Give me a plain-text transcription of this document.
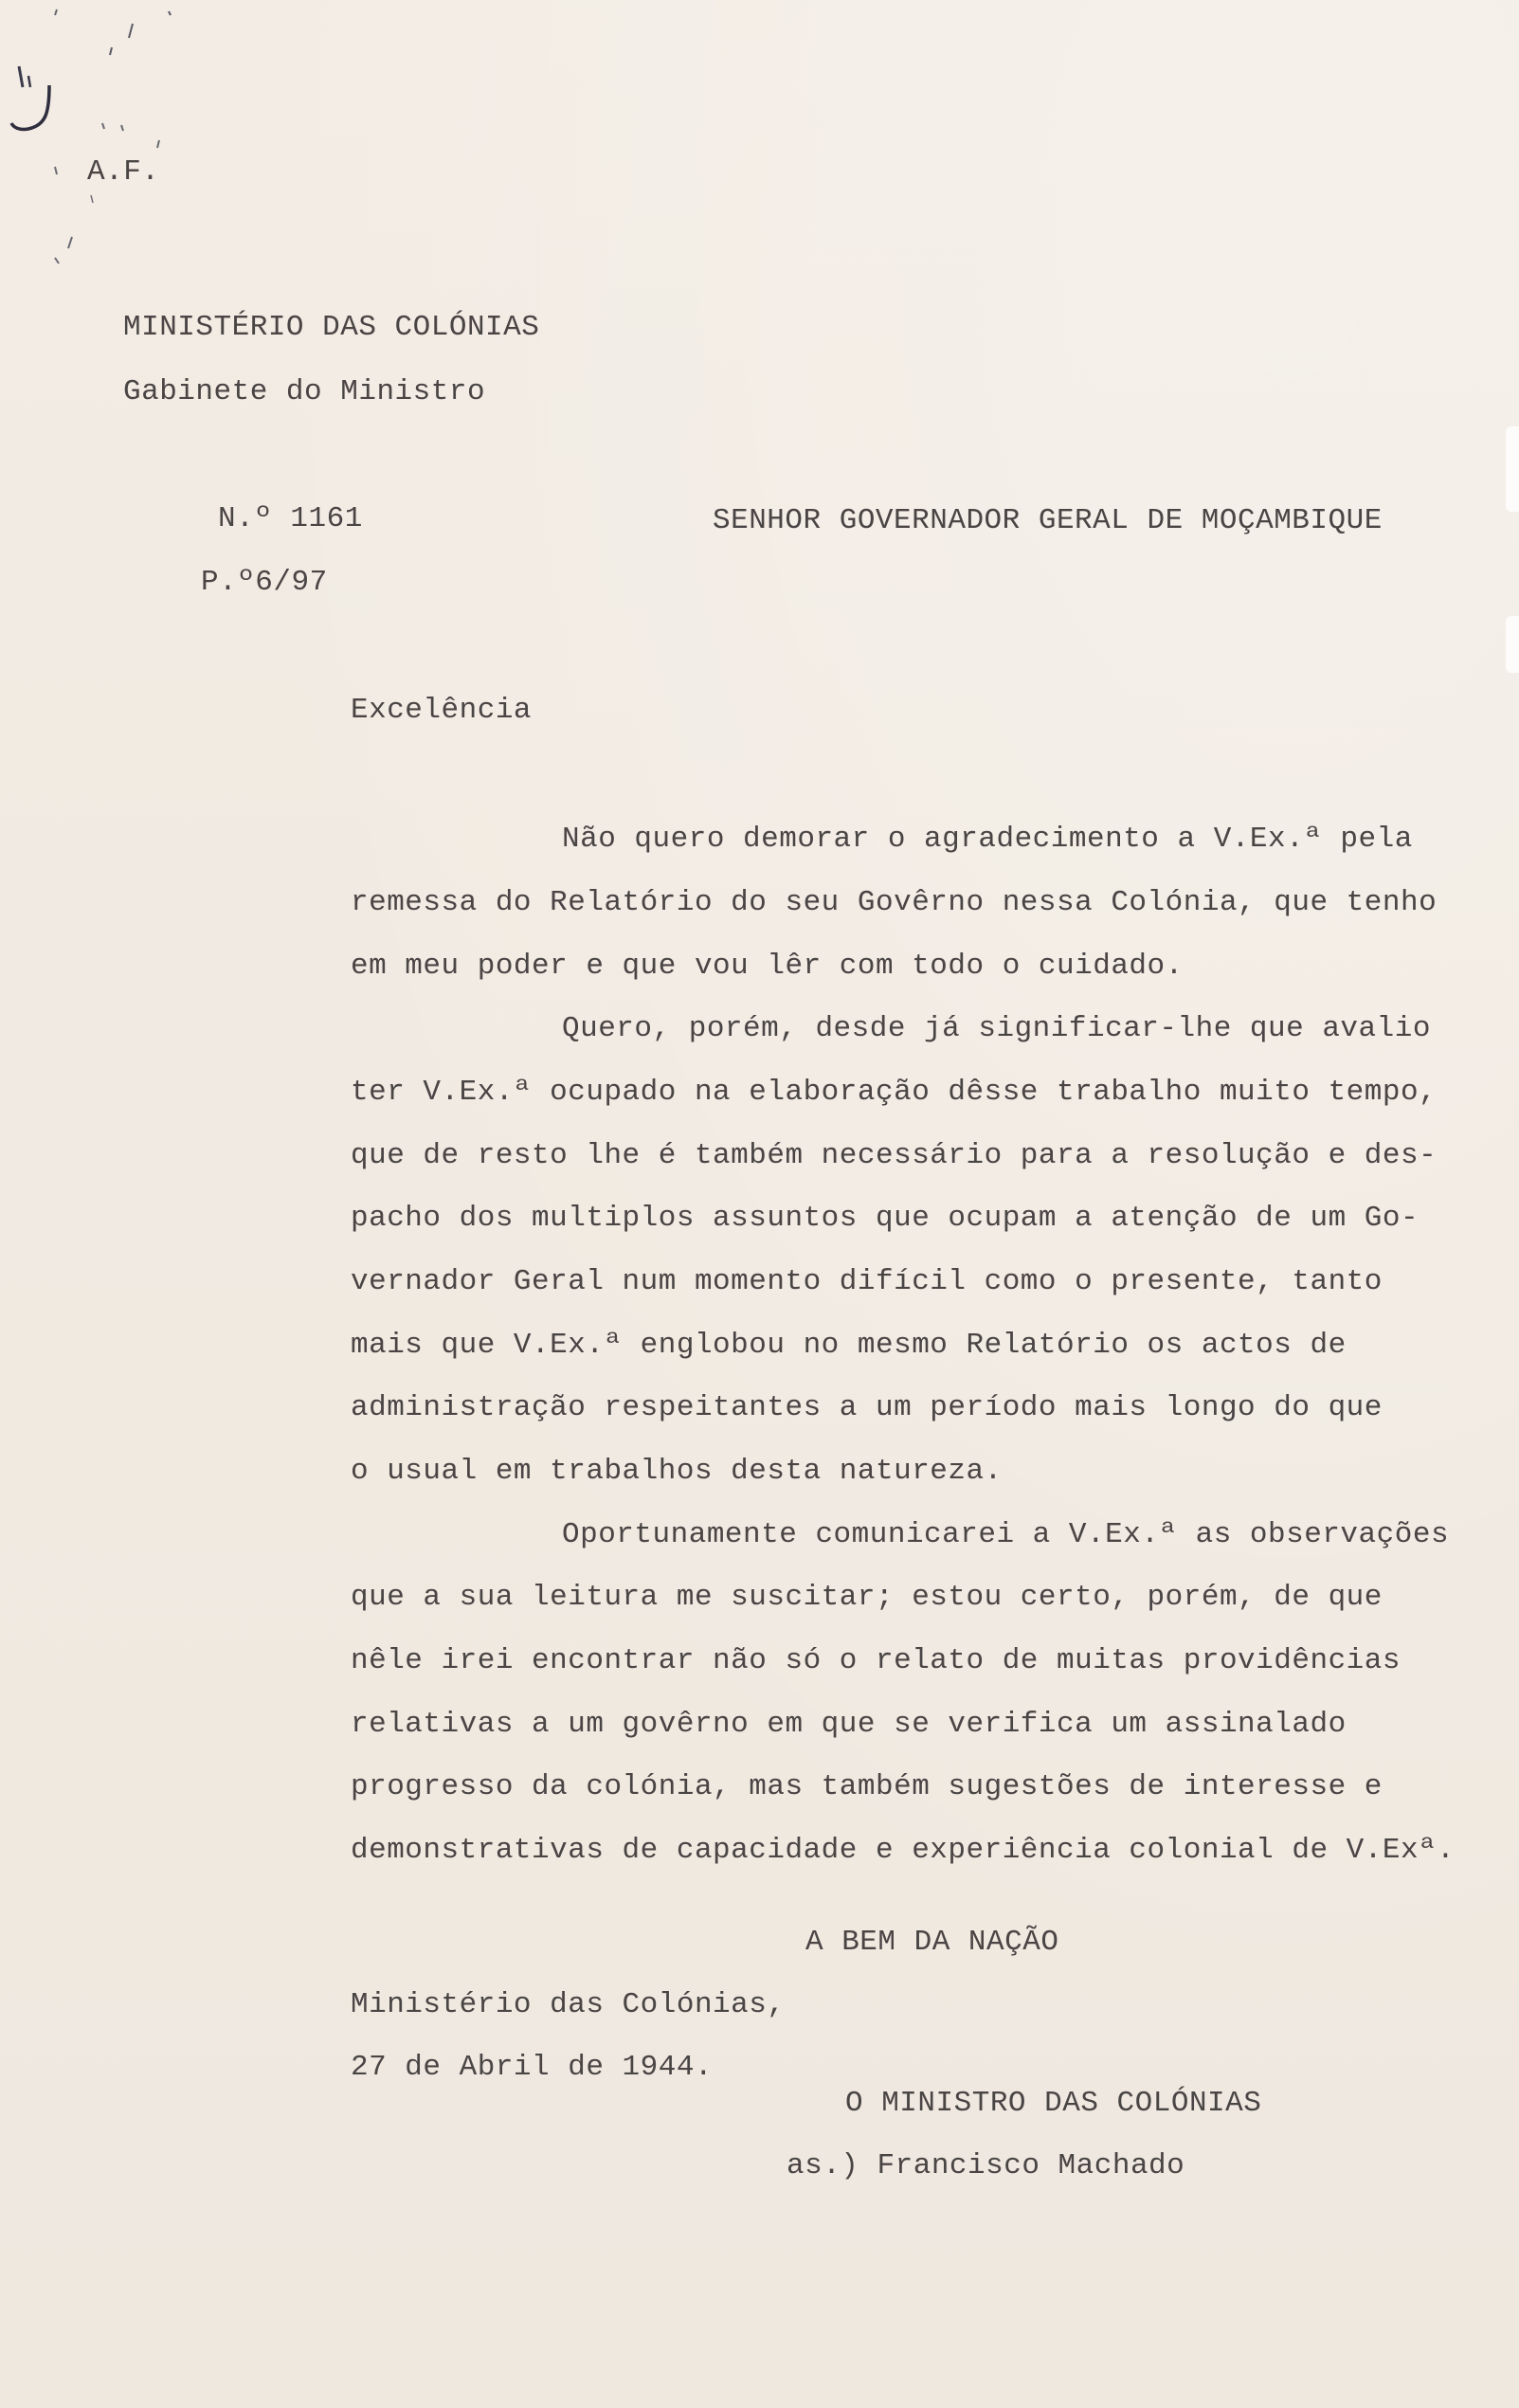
A.F.
MINISTÉRIO DAS COLÓNIAS
Gabinete do Ministro
N.º 1161
P.º6/97
SENHOR GOVERNADOR GERAL DE MOÇAMBIQUE
Excelência
Não quero demorar o agradecimento a V.Ex.ª pela
remessa do Relatório do seu Govêrno nessa Colónia, que tenho
em meu poder e que vou lêr com todo o cuidado.
Quero, porém, desde já significar-lhe que avalio
ter V.Ex.ª ocupado na elaboração dêsse trabalho muito tempo,
que de resto lhe é também necessário para a resolução e des-
pacho dos multiplos assuntos que ocupam a atenção de um Go-
vernador Geral num momento difícil como o presente, tanto
mais que V.Ex.ª englobou no mesmo Relatório os actos de
administração respeitantes a um período mais longo do que
o usual em trabalhos desta natureza.
Oportunamente comunicarei a V.Ex.ª as observações
que a sua leitura me suscitar; estou certo, porém, de que
nêle irei encontrar não só o relato de muitas providências
relativas a um govêrno em que se verifica um assinalado
progresso da colónia, mas também sugestões de interesse e
demonstrativas de capacidade e experiência colonial de V.Exª.
A BEM DA NAÇÃO
Ministério das Colónias,
27 de Abril de 1944.
O MINISTRO DAS COLÓNIAS
as.) Francisco Machado
